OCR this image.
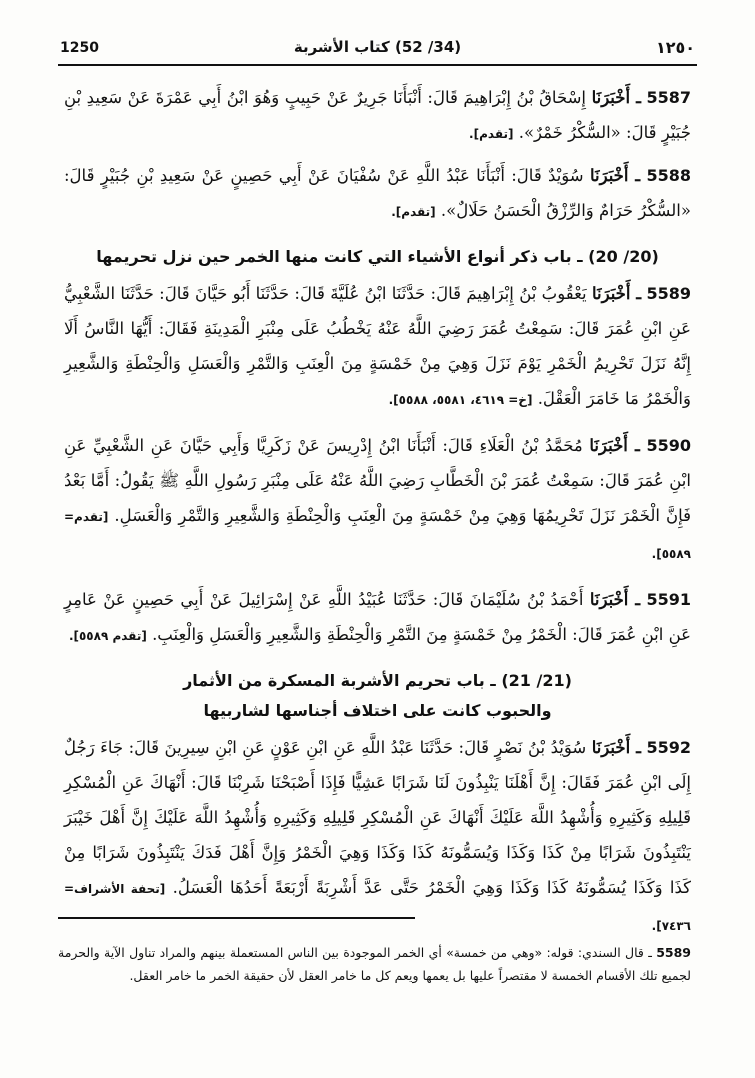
1250	(34/ 52) كتاب الأشربة	١٢٥٠

5587 ـ أَخْبَرَنَا إِسْحَاقُ بْنُ إِبْرَاهِيمَ قَالَ: أَنْبَأَنَا جَرِيرٌ عَنْ حَبِيبٍ وَهُوَ ابْنُ أَبِي عَمْرَةَ عَنْ سَعِيدِ بْنِ جُبَيْرٍ قَالَ: «السُّكْرُ خَمْرٌ». [تقدم].

5588 ـ أَخْبَرَنَا سُوَيْدٌ قَالَ: أَنْبَأَنَا عَبْدُ اللَّهِ عَنْ سُفْيَانَ عَنْ أَبِي حَصِينٍ عَنْ سَعِيدِ بْنِ جُبَيْرٍ قَالَ: «السُّكْرُ حَرَامٌ وَالرِّزْقُ الْحَسَنُ حَلَالٌ». [تقدم].

(20/ 20) ـ باب ذكر أنواع الأشياء التي كانت منها الخمر حين نزل تحريمها

5589 ـ أَخْبَرَنَا يَعْقُوبُ بْنُ إِبْرَاهِيمَ قَالَ: حَدَّثَنَا ابْنُ عُلَيَّةَ قَالَ: حَدَّثَنَا أَبُو حَيَّانَ قَالَ: حَدَّثَنَا الشَّعْبِيُّ عَنِ ابْنِ عُمَرَ قَالَ: سَمِعْتُ عُمَرَ رَضِيَ اللَّهُ عَنْهُ يَخْطُبُ عَلَى مِنْبَرِ الْمَدِينَةِ فَقَالَ: أَيُّهَا النَّاسُ أَلَا إِنَّهُ نَزَلَ تَحْرِيمُ الْخَمْرِ يَوْمَ نَزَلَ وَهِيَ مِنْ خَمْسَةٍ مِنَ الْعِنَبِ وَالتَّمْرِ وَالْعَسَلِ وَالْحِنْطَةِ وَالشَّعِيرِ وَالْخَمْرُ مَا خَامَرَ الْعَقْلَ. [خ= ٤٦١٩، ٥٥٨١، ٥٥٨٨].

5590 ـ أَخْبَرَنَا مُحَمَّدُ بْنُ الْعَلَاءِ قَالَ: أَنْبَأَنَا ابْنُ إِدْرِيسَ عَنْ زَكَرِيَّا وَأَبِي حَيَّانَ عَنِ الشَّعْبِيِّ عَنِ ابْنِ عُمَرَ قَالَ: سَمِعْتُ عُمَرَ بْنَ الْخَطَّابِ رَضِيَ اللَّهُ عَنْهُ عَلَى مِنْبَرِ رَسُولِ اللَّهِ ﷺ يَقُولُ: أَمَّا بَعْدُ فَإِنَّ الْخَمْرَ نَزَلَ تَحْرِيمُهَا وَهِيَ مِنْ خَمْسَةٍ مِنَ الْعِنَبِ وَالْحِنْطَةِ وَالشَّعِيرِ وَالتَّمْرِ وَالْعَسَلِ. [تقدم= ٥٥٨٩].

5591 ـ أَخْبَرَنَا أَحْمَدُ بْنُ سُلَيْمَانَ قَالَ: حَدَّثَنَا عُبَيْدُ اللَّهِ عَنْ إِسْرَائِيلَ عَنْ أَبِي حَصِينٍ عَنْ عَامِرٍ عَنِ ابْنِ عُمَرَ قَالَ: الْخَمْرُ مِنْ خَمْسَةٍ مِنَ التَّمْرِ وَالْحِنْطَةِ وَالشَّعِيرِ وَالْعَسَلِ وَالْعِنَبِ. [تقدم ٥٥٨٩].

(21/ 21) ـ باب تحريم الأشربة المسكرة من الأثمار والحبوب كانت على اختلاف أجناسها لشاربيها

5592 ـ أَخْبَرَنَا سُوَيْدُ بْنُ نَصْرٍ قَالَ: حَدَّثَنَا عَبْدُ اللَّهِ عَنِ ابْنِ عَوْنٍ عَنِ ابْنِ سِيرِينَ قَالَ: جَاءَ رَجُلٌ إِلَى ابْنِ عُمَرَ فَقَالَ: إِنَّ أَهْلَنَا يَنْبِذُونَ لَنَا شَرَابًا عَشِيًّا فَإِذَا أَصْبَحْنَا شَرِبْنَا قَالَ: أَنْهَاكَ عَنِ الْمُسْكِرِ قَلِيلِهِ وَكَثِيرِهِ وَأُشْهِدُ اللَّهَ عَلَيْكَ أَنْهَاكَ عَنِ الْمُسْكِرِ قَلِيلِهِ وَكَثِيرِهِ وَأُشْهِدُ اللَّهَ عَلَيْكَ إِنَّ أَهْلَ خَيْبَرَ يَنْتَبِذُونَ شَرَابًا مِنْ كَذَا وَكَذَا وَيُسَمُّونَهُ كَذَا وَكَذَا وَهِيَ الْخَمْرُ وَإِنَّ أَهْلَ فَدَكَ يَنْتَبِذُونَ شَرَابًا مِنْ كَذَا وَكَذَا يُسَمُّونَهُ كَذَا وَكَذَا وَهِيَ الْخَمْرُ حَتَّى عَدَّ أَشْرِبَةً أَرْبَعَةً أَحَدُهَا الْعَسَلُ. [تحفة الأشراف= ٧٤٣٦].

5589 ـ قال السندي: قوله: «وهي من خمسة» أي الخمر الموجودة بين الناس المستعملة بينهم والمراد تناول الآية والحرمة لجميع تلك الأقسام الخمسة لا مقتصراً عليها بل يعمها ويعم كل ما خامر العقل لأن حقيقة الخمر ما خامر العقل.
